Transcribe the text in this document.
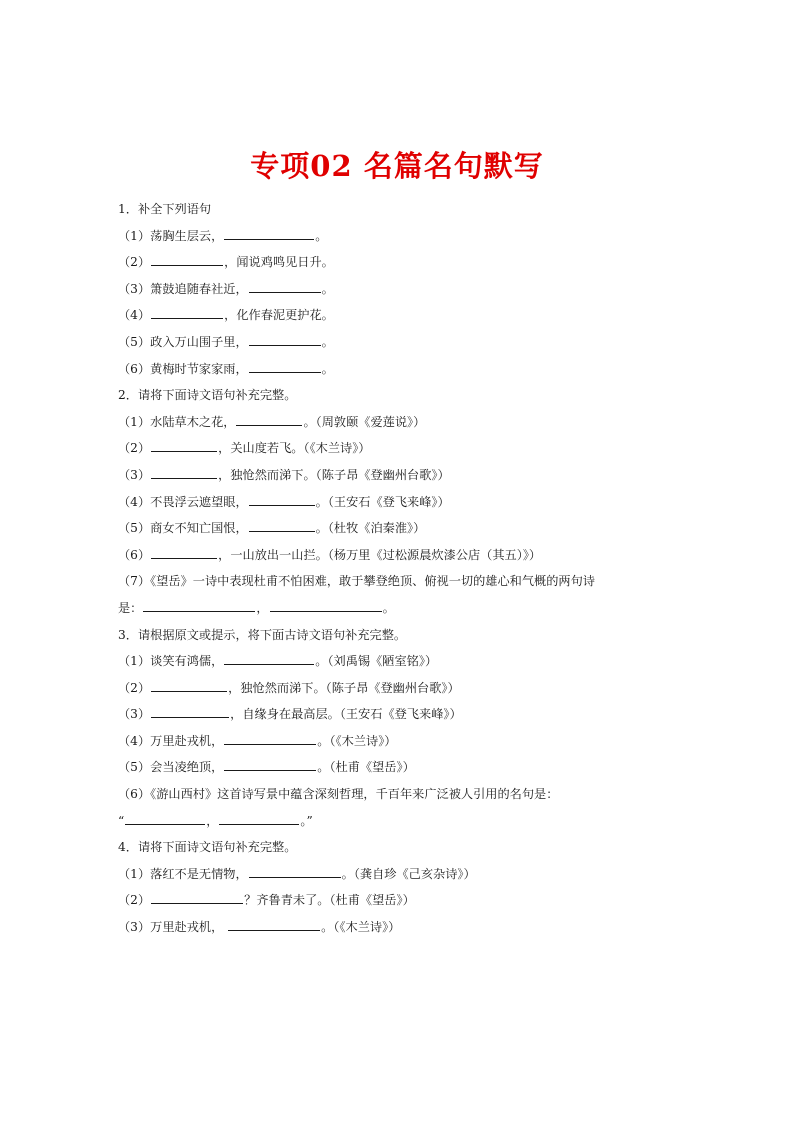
专项02 名篇名句默写
1．补全下列语句
（1）荡胸生层云，	。
（2）	，闻说鸡鸣见日升。
（3）箫鼓追随春社近，	。
（4）	，化作春泥更护花。
（5）政入万山围子里，	。
（6）黄梅时节家家雨，	。
2．请将下面诗文语句补充完整。
（1）水陆草木之花，	。（周敦颐《爱莲说》）
（2）	，关山度若飞。（《木兰诗》）
（3）	，独怆然而涕下。（陈子昂《登幽州台歌》）
（4）不畏浮云遮望眼，	。（王安石《登飞来峰》）
（5）商女不知亡国恨，	。（杜牧《泊秦淮》）
（6）	，一山放出一山拦。（杨万里《过松源晨炊漆公店（其五）》）
（7）《望岳》一诗中表现杜甫不怕困难，敢于攀登绝顶、俯视一切的雄心和气概的两句诗
是：	，	。
3．请根据原文或提示，将下面古诗文语句补充完整。
（1）谈笑有鸿儒，	。（刘禹锡《陋室铭》）
（2）	，独怆然而涕下。（陈子昂《登幽州台歌》）
（3）	，自缘身在最高层。（王安石《登飞来峰》）
（4）万里赴戎机，	。（《木兰诗》）
（5）会当凌绝顶，	。（杜甫《望岳》）
（6）《游山西村》这首诗写景中蕴含深刻哲理，千百年来广泛被人引用的名句是：
“	，	。”
4．请将下面诗文语句补充完整。
（1）落红不是无情物，	。（龚自珍《己亥杂诗》）
（2）	？齐鲁青未了。（杜甫《望岳》）
（3）万里赴戎机，	。（《木兰诗》）
